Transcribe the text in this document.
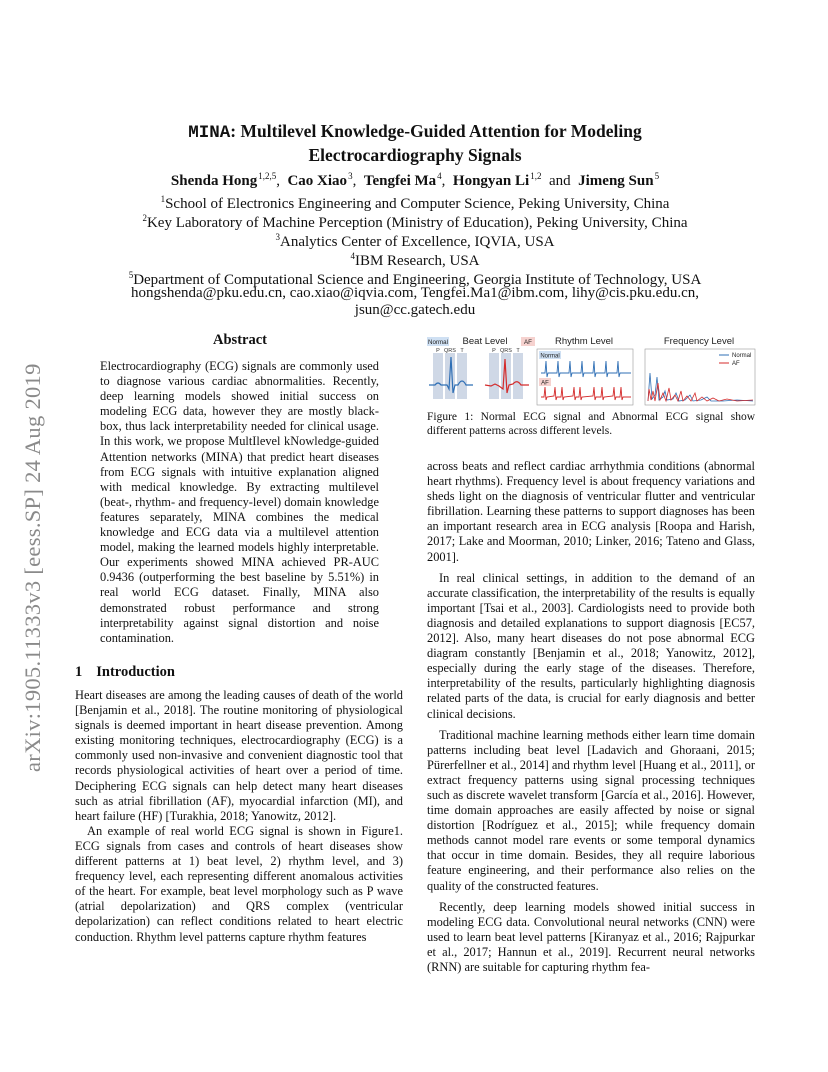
arXiv:1905.11333v3 [eess.SP] 24 Aug 2019
MINA: Multilevel Knowledge-Guided Attention for Modeling
Electrocardiography Signals
Shenda Hong$^{1,2,5}$,  Cao Xiao$^3$,  Tengfei Ma$^4$,  Hongyan Li$^{1,2}$ and Jimeng Sun$^5$
$^1$School of Electronics Engineering and Computer Science, Peking University, China
$^2$Key Laboratory of Machine Perception (Ministry of Education), Peking University, China
$^3$Analytics Center of Excellence, IQVIA, USA
$^4$IBM Research, USA
$^5$Department of Computational Science and Engineering, Georgia Institute of Technology, USA
hongshenda@pku.edu.cn, cao.xiao@iqvia.com, Tengfei.Ma1@ibm.com, lihy@cis.pku.edu.cn,
jsun@cc.gatech.edu
Abstract

Electrocardiography (ECG) signals are commonly used to diagnose various cardiac abnormalities. Recently, deep learning models showed initial success on modeling ECG data, however they are mostly black-box, thus lack interpretability needed for clinical usage. In this work, we propose MultIlevel kNowledge-guided Attention networks (MINA) that predict heart diseases from ECG signals with intuitive explanation aligned with medical knowledge. By extracting multilevel (beat-, rhythm- and frequency-level) domain knowledge features separately, MINA combines the medical knowledge and ECG data via a multilevel attention model, making the learned models highly interpretable. Our experiments showed MINA achieved PR-AUC 0.9436 (outperforming the best baseline by 5.51%) in real world ECG dataset. Finally, MINA also demonstrated robust performance and strong interpretability against signal distortion and noise contamination.

1 Introduction

Heart diseases are among the leading causes of death of the world [Benjamin et al., 2018]. The routine monitoring of physiological signals is deemed important in heart disease prevention. Among existing monitoring techniques, electrocardiography (ECG) is a commonly used non-invasive and convenient diagnostic tool that records physiological activities of heart over a period of time. Deciphering ECG signals can help detect many heart diseases such as atrial fibrillation (AF), myocardial infarction (MI), and heart failure (HF) [Turakhia, 2018; Yanowitz, 2012].

An example of real world ECG signal is shown in Figure1. ECG signals from cases and controls of heart diseases show different patterns at 1) beat level, 2) rhythm level, and 3) frequency level, each representing different anomalous activities of the heart. For example, beat level morphology such as P wave (atrial depolarization) and QRS complex (ventricular depolarization) can reflect conditions related to heart electric conduction. Rhythm level patterns capture rhythm features

Normal Beat Level	AF
P QRS T	P QRS T
Rhythm Level
Normal
AF
Frequency Level
Normal
AF
Figure 1: Normal ECG signal and Abnormal ECG signal show different patterns across different levels.

across beats and reflect cardiac arrhythmia conditions (abnormal heart rhythms). Frequency level is about frequency variations and sheds light on the diagnosis of ventricular flutter and ventricular fibrillation. Learning these patterns to support diagnoses has been an important research area in ECG analysis [Roopa and Harish, 2017; Lake and Moorman, 2010; Linker, 2016; Tateno and Glass, 2001].

In real clinical settings, in addition to the demand of an accurate classification, the interpretability of the results is equally important [Tsai et al., 2003]. Cardiologists need to provide both diagnosis and detailed explanations to support diagnosis [EC57, 2012]. Also, many heart diseases do not pose abnormal ECG diagram constantly [Benjamin et al., 2018; Yanowitz, 2012], especially during the early stage of the diseases. Therefore, interpretability of the results, particularly highlighting diagnosis related parts of the data, is crucial for early diagnosis and better clinical decisions.

Traditional machine learning methods either learn time domain patterns including beat level [Ladavich and Ghoraani, 2015; Pürerfellner et al., 2014] and rhythm level [Huang et al., 2011], or extract frequency patterns using signal processing techniques such as discrete wavelet transform [García et al., 2016]. However, time domain approaches are easily affected by noise or signal distortion [Rodríguez et al., 2015]; while frequency domain methods cannot model rare events or some temporal dynamics that occur in time domain. Besides, they all require laborious feature engineering, and their performance also relies on the quality of the constructed features.

Recently, deep learning models showed initial success in modeling ECG data. Convolutional neural networks (CNN) were used to learn beat level patterns [Kiranyaz et al., 2016; Rajpurkar et al., 2017; Hannun et al., 2019]. Recurrent neural networks (RNN) are suitable for capturing rhythm fea-
